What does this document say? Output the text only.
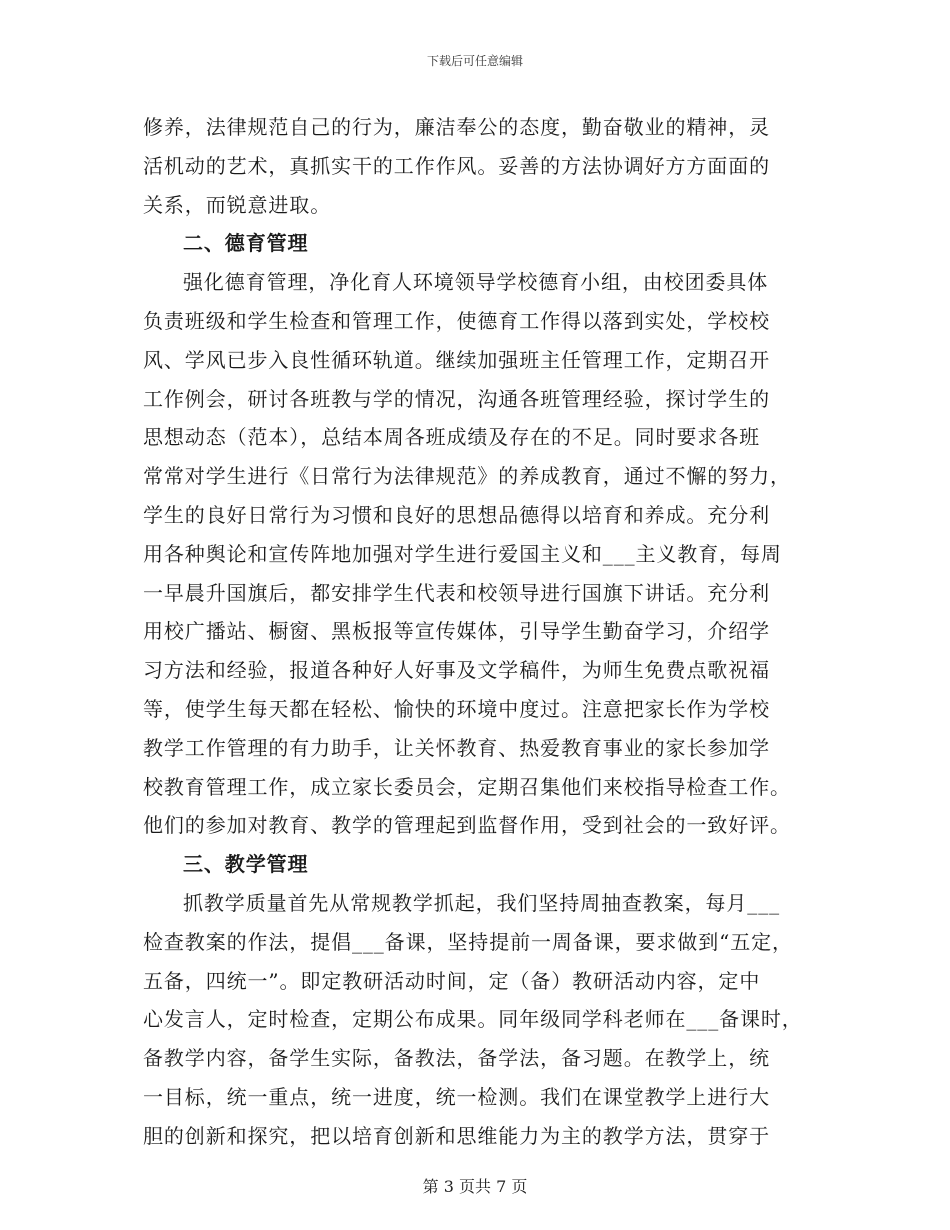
下载后可任意编辑
修养，法律规范自己的行为，廉洁奉公的态度，勤奋敬业的精神，灵
活机动的艺术，真抓实干的工作作风。妥善的方法协调好方方面面的
关系，而锐意进取。
二、德育管理
强化德育管理，净化育人环境领导学校德育小组，由校团委具体
负责班级和学生检查和管理工作，使德育工作得以落到实处，学校校
风、学风已步入良性循环轨道。继续加强班主任管理工作，定期召开
工作例会，研讨各班教与学的情况，沟通各班管理经验，探讨学生的
思想动态（范本），总结本周各班成绩及存在的不足。同时要求各班
常常对学生进行《日常行为法律规范》的养成教育，通过不懈的努力，
学生的良好日常行为习惯和良好的思想品德得以培育和养成。充分利
用各种舆论和宣传阵地加强对学生进行爱国主义和___主义教育，每周
一早晨升国旗后，都安排学生代表和校领导进行国旗下讲话。充分利
用校广播站、橱窗、黑板报等宣传媒体，引导学生勤奋学习，介绍学
习方法和经验，报道各种好人好事及文学稿件，为师生免费点歌祝福
等，使学生每天都在轻松、愉快的环境中度过。注意把家长作为学校
教学工作管理的有力助手，让关怀教育、热爱教育事业的家长参加学
校教育管理工作，成立家长委员会，定期召集他们来校指导检查工作。
他们的参加对教育、教学的管理起到监督作用，受到社会的一致好评。
三、教学管理
抓教学质量首先从常规教学抓起，我们坚持周抽查教案，每月___
检查教案的作法，提倡___备课，坚持提前一周备课，要求做到“五定，
五备，四统一”。即定教研活动时间，定（备）教研活动内容，定中
心发言人，定时检查，定期公布成果。同年级同学科老师在___备课时，
备教学内容，备学生实际，备教法，备学法，备习题。在教学上，统
一目标，统一重点，统一进度，统一检测。我们在课堂教学上进行大
胆的创新和探究，把以培育创新和思维能力为主的教学方法，贯穿于
第 3 页共 7 页
